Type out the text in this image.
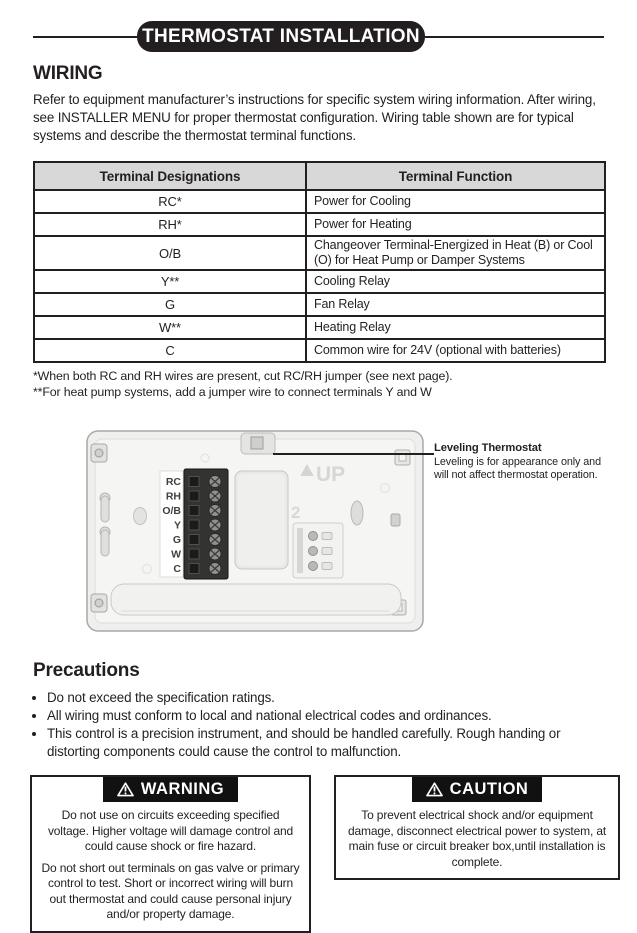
THERMOSTAT INSTALLATION
WIRING

Refer to equipment manufacturer’s instructions for specific system wiring information. After wiring, see INSTALLER MENU for proper thermostat configuration. Wiring table shown are for typical systems and describe the thermostat terminal functions.

Terminal Designations	Terminal Function
RC*	Power for Cooling
RH*	Power for Heating
O/B	Changeover Terminal-Energized in Heat (B) or Cool (O) for Heat Pump or Damper Systems
Y**	Cooling Relay
G	Fan Relay
W**	Heating Relay
C	Common wire for 24V (optional with batteries)
*When both RC and RH wires are present, cut RC/RH jumper (see next page).
**For heat pump systems, add a jumper wire to connect terminals Y and W
UP
2
RC
RH
O/B
Y
G
W
C
Leveling Thermostat
Leveling is for appearance only and
will not affect thermostat operation.
Precautions
• Do not exceed the specification ratings.
• All wiring must conform to local and national electrical codes and ordinances.
• This control is a precision instrument, and should be handled carefully. Rough handing or distorting components could cause the control to malfunction.
WARNING

Do not use on circuits exceeding specified voltage. Higher voltage will damage control and could cause shock or fire hazard.

Do not short out terminals on gas valve or primary control to test. Short or incorrect wiring will burn out thermostat and could cause personal injury and/or property damage.

CAUTION

To prevent electrical shock and/or equipment damage, disconnect electrical power to system, at main fuse or circuit breaker box,until installation is complete.
